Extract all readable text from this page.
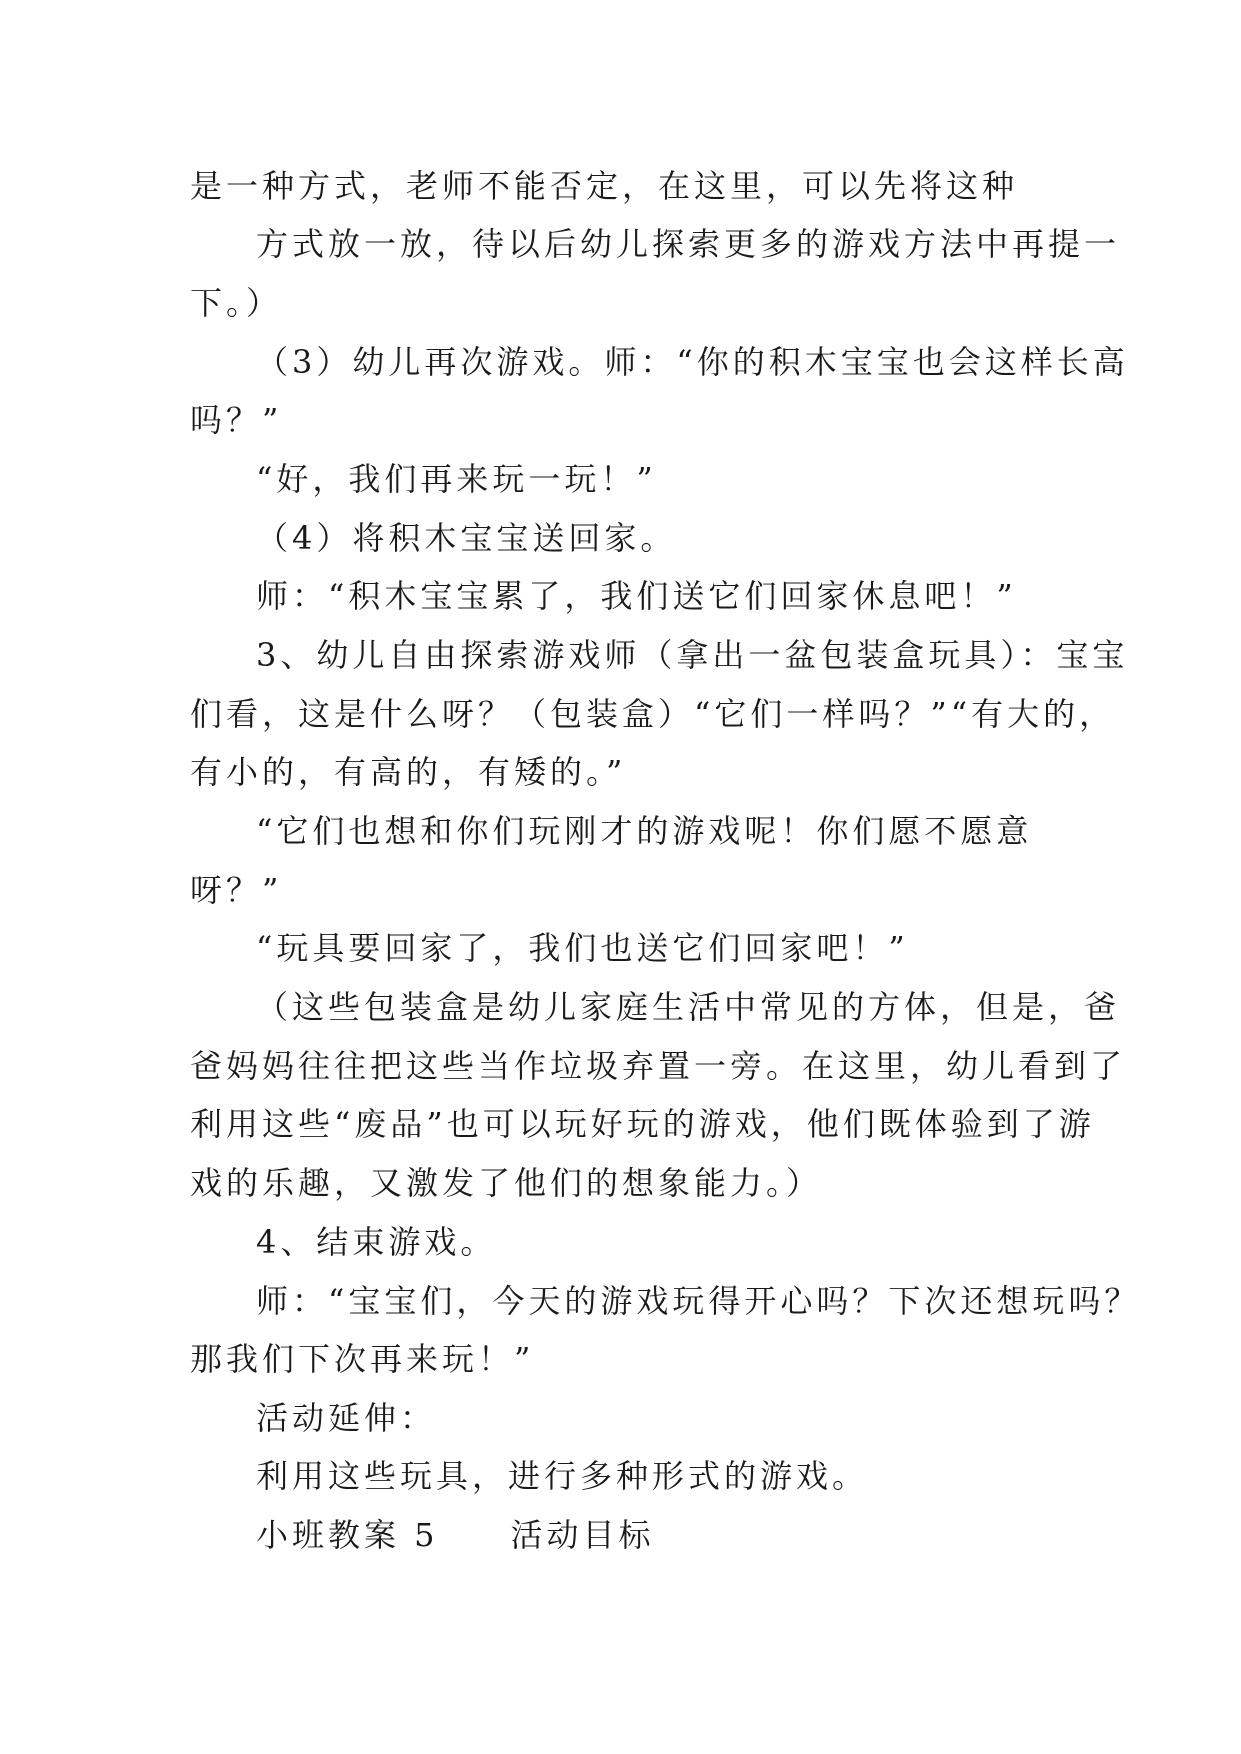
是一种方式，老师不能否定，在这里，可以先将这种
方式放一放，待以后幼儿探索更多的游戏方法中再提一
下。）
（3）幼儿再次游戏。师：“你的积木宝宝也会这样长高
吗？”
“好，我们再来玩一玩！”
（4）将积木宝宝送回家。
师：“积木宝宝累了，我们送它们回家休息吧！”
3、幼儿自由探索游戏师（拿出一盆包装盒玩具）：宝宝
们看，这是什么呀？（包装盒）“它们一样吗？”“有大的，
有小的，有高的，有矮的。”
“它们也想和你们玩刚才的游戏呢！你们愿不愿意
呀？”
“玩具要回家了，我们也送它们回家吧！”
（这些包装盒是幼儿家庭生活中常见的方体，但是，爸
爸妈妈往往把这些当作垃圾弃置一旁。在这里，幼儿看到了
利用这些“废品”也可以玩好玩的游戏，他们既体验到了游
戏的乐趣，又激发了他们的想象能力。）
4、结束游戏。
师：“宝宝们，今天的游戏玩得开心吗？下次还想玩吗？
那我们下次再来玩！”
活动延伸：
利用这些玩具，进行多种形式的游戏。
小班教案 5　　活动目标
